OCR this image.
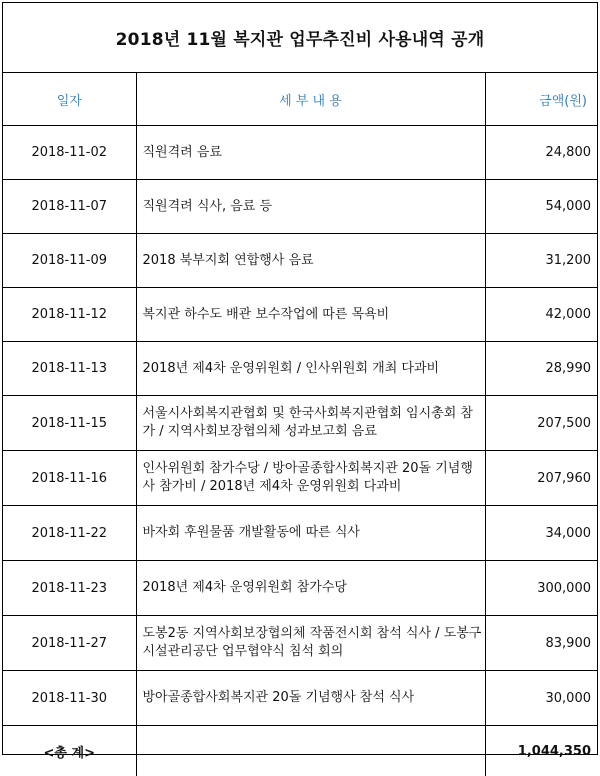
2018년 11월 복지관 업무추진비 사용내역 공개
일자	세 부 내 용	금액(원)
2018-11-02	직원격려 음료	24,800
2018-11-07	직원격려 식사, 음료 등	54,000
2018-11-09	2018 북부지회 연합행사 음료	31,200
2018-11-12	복지관 하수도 배관 보수작업에 따른 목욕비	42,000
2018-11-13	2018년 제4차 운영위원회 / 인사위원회 개최 다과비	28,990
2018-11-15	서울시사회복지관협회 및 한국사회복지관협회 임시총회 참가 / 지역사회보장협의체 성과보고회 음료	207,500
2018-11-16	인사위원회 참가수당 / 방아골종합사회복지관 20돌 기념행사 참가비 / 2018년 제4차 운영위원회 다과비	207,960
2018-11-22	바자회 후원물품 개발활동에 따른 식사	34,000
2018-11-23	2018년 제4차 운영위원회 참가수당	300,000
2018-11-27	도봉2동 지역사회보장협의체 작품전시회 참석 식사 / 도봉구시설관리공단 업무협약식 침석 회의	83,900
2018-11-30	방아골종합사회복지관 20돌 기념행사 참석 식사	30,000
<총 계>		1,044,350
